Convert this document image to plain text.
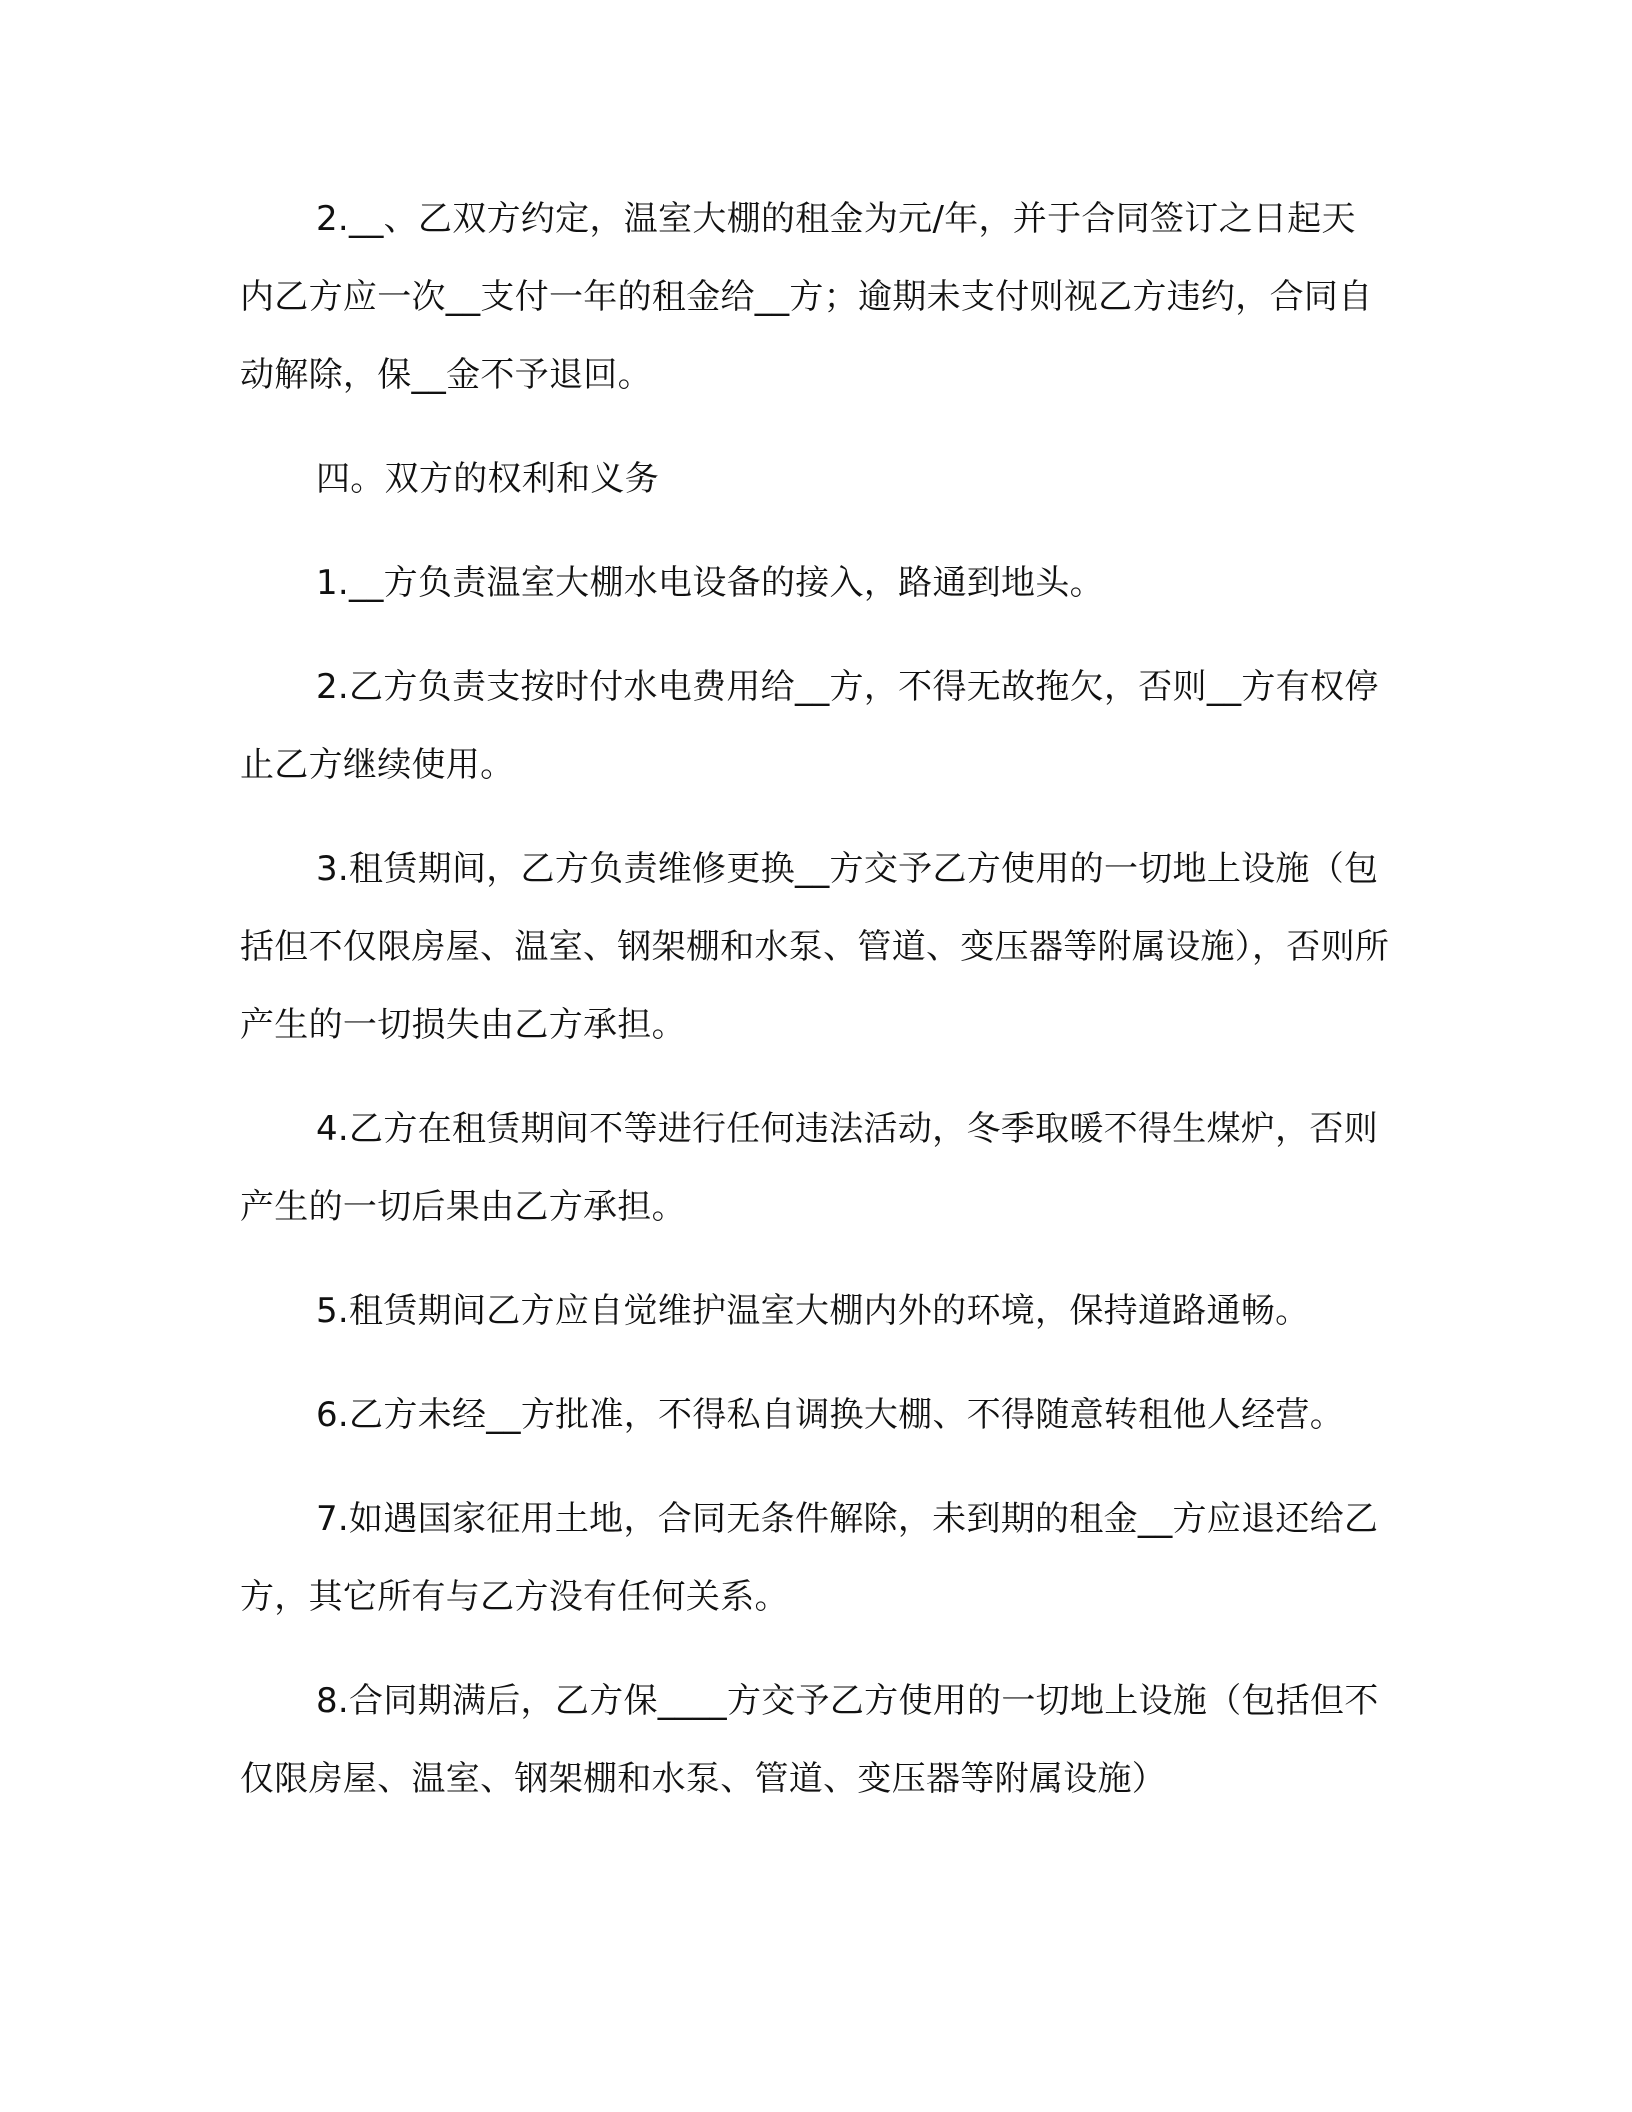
2.__、乙双方约定，温室大棚的租金为元/年，并于合同签订之日起天内乙方应一次__支付一年的租金给__方；逾期未支付则视乙方违约，合同自动解除，保__金不予退回。

四。双方的权利和义务

1.__方负责温室大棚水电设备的接入，路通到地头。

2.乙方负责支按时付水电费用给__方，不得无故拖欠，否则__方有权停止乙方继续使用。

3.租赁期间，乙方负责维修更换__方交予乙方使用的一切地上设施（包括但不仅限房屋、温室、钢架棚和水泵、管道、变压器等附属设施），否则所产生的一切损失由乙方承担。

4.乙方在租赁期间不等进行任何违法活动，冬季取暖不得生煤炉，否则产生的一切后果由乙方承担。

5.租赁期间乙方应自觉维护温室大棚内外的环境，保持道路通畅。

6.乙方未经__方批准，不得私自调换大棚、不得随意转租他人经营。

7.如遇国家征用土地，合同无条件解除，未到期的租金__方应退还给乙方，其它所有与乙方没有任何关系。

8.合同期满后，乙方保____方交予乙方使用的一切地上设施（包括但不仅限房屋、温室、钢架棚和水泵、管道、变压器等附属设施）
